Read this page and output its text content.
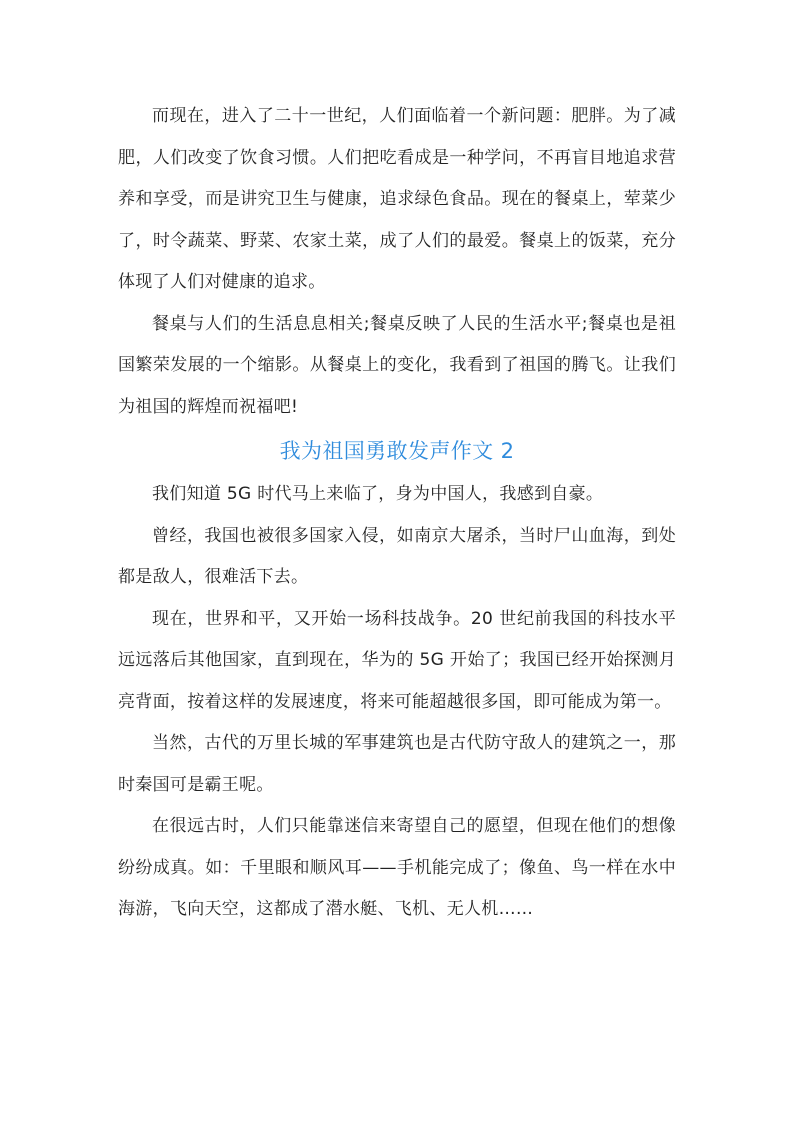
而现在，进入了二十一世纪，人们面临着一个新问题：肥胖。为了减肥，人们改变了饮食习惯。人们把吃看成是一种学问，不再盲目地追求营养和享受，而是讲究卫生与健康，追求绿色食品。现在的餐桌上，荤菜少了，时令蔬菜、野菜、农家土菜，成了人们的最爱。餐桌上的饭菜，充分体现了人们对健康的追求。

餐桌与人们的生活息息相关;餐桌反映了人民的生活水平;餐桌也是祖国繁荣发展的一个缩影。从餐桌上的变化，我看到了祖国的腾飞。让我们为祖国的辉煌而祝福吧!

我为祖国勇敢发声作文 2

我们知道 5G 时代马上来临了，身为中国人，我感到自豪。

曾经，我国也被很多国家入侵，如南京大屠杀，当时尸山血海，到处都是敌人，很难活下去。

现在，世界和平，又开始一场科技战争。20 世纪前我国的科技水平远远落后其他国家，直到现在，华为的 5G 开始了；我国已经开始探测月亮背面，按着这样的发展速度，将来可能超越很多国，即可能成为第一。

当然，古代的万里长城的军事建筑也是古代防守敌人的建筑之一，那时秦国可是霸王呢。

在很远古时，人们只能靠迷信来寄望自己的愿望，但现在他们的想像纷纷成真。如：千里眼和顺风耳——手机能完成了；像鱼、鸟一样在水中海游，飞向天空，这都成了潜水艇、飞机、无人机……
